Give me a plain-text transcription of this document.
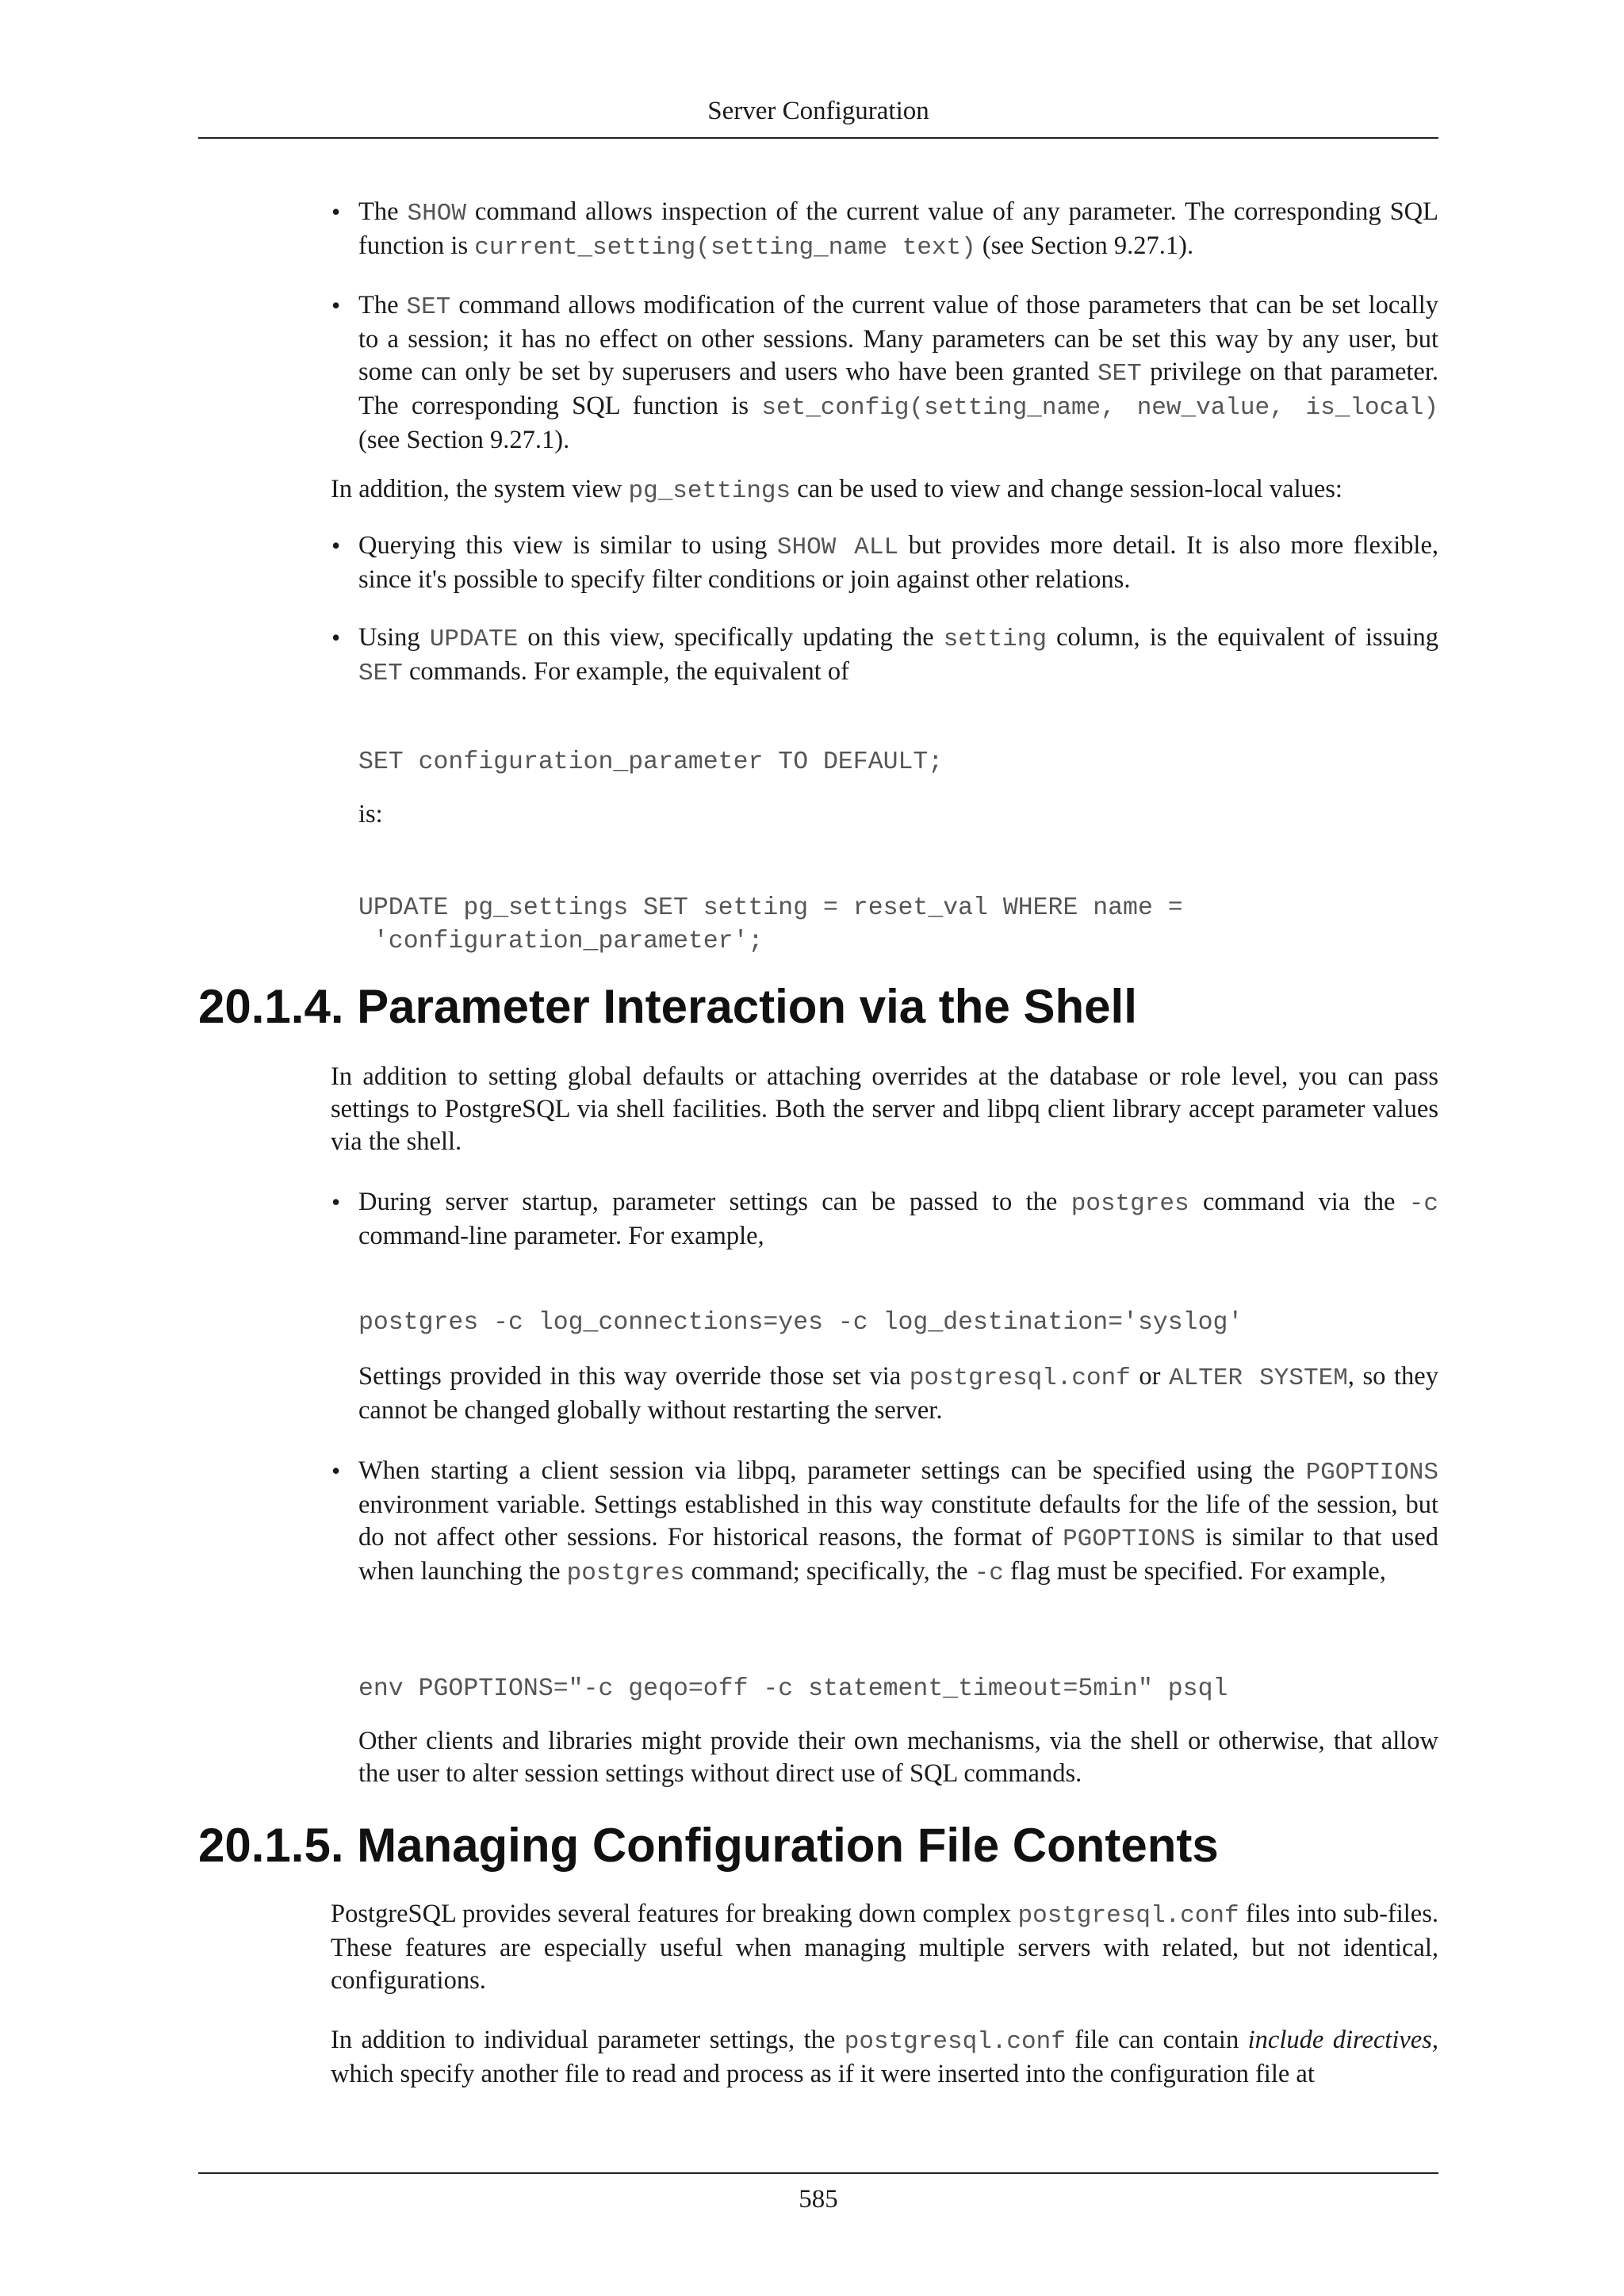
Server Configuration
• The SHOW command allows inspection of the current value of any parameter. The corresponding SQL function is current_setting(setting_name text) (see Section 9.27.1).
• The SET command allows modification of the current value of those parameters that can be set locally to a session; it has no effect on other sessions. Many parameters can be set this way by any user, but some can only be set by superusers and users who have been granted SET privilege on that parameter. The corresponding SQL function is set_config(setting_name, new_value, is_local) (see Section 9.27.1).
In addition, the system view pg_settings can be used to view and change session-local values:
• Querying this view is similar to using SHOW ALL but provides more detail. It is also more flexible, since it's possible to specify filter conditions or join against other relations.
• Using UPDATE on this view, specifically updating the setting column, is the equivalent of issuing SET commands. For example, the equivalent of
SET configuration_parameter TO DEFAULT;
is:
UPDATE pg_settings SET setting = reset_val WHERE name =
'configuration_parameter';
20.1.4. Parameter Interaction via the Shell
In addition to setting global defaults or attaching overrides at the database or role level, you can pass settings to PostgreSQL via shell facilities. Both the server and libpq client library accept parameter values via the shell.
• During server startup, parameter settings can be passed to the postgres command via the -c command-line parameter. For example,
postgres -c log_connections=yes -c log_destination='syslog'
Settings provided in this way override those set via postgresql.conf or ALTER SYSTEM, so they cannot be changed globally without restarting the server.
• When starting a client session via libpq, parameter settings can be specified using the PGOPTIONS environment variable. Settings established in this way constitute defaults for the life of the session, but do not affect other sessions. For historical reasons, the format of PGOPTIONS is similar to that used when launching the postgres command; specifically, the -c flag must be specified. For example,
env PGOPTIONS="-c geqo=off -c statement_timeout=5min" psql
Other clients and libraries might provide their own mechanisms, via the shell or otherwise, that allow the user to alter session settings without direct use of SQL commands.
20.1.5. Managing Configuration File Contents
PostgreSQL provides several features for breaking down complex postgresql.conf files into sub-files. These features are especially useful when managing multiple servers with related, but not identical, configurations.
In addition to individual parameter settings, the postgresql.conf file can contain include directives, which specify another file to read and process as if it were inserted into the configuration file at
585
